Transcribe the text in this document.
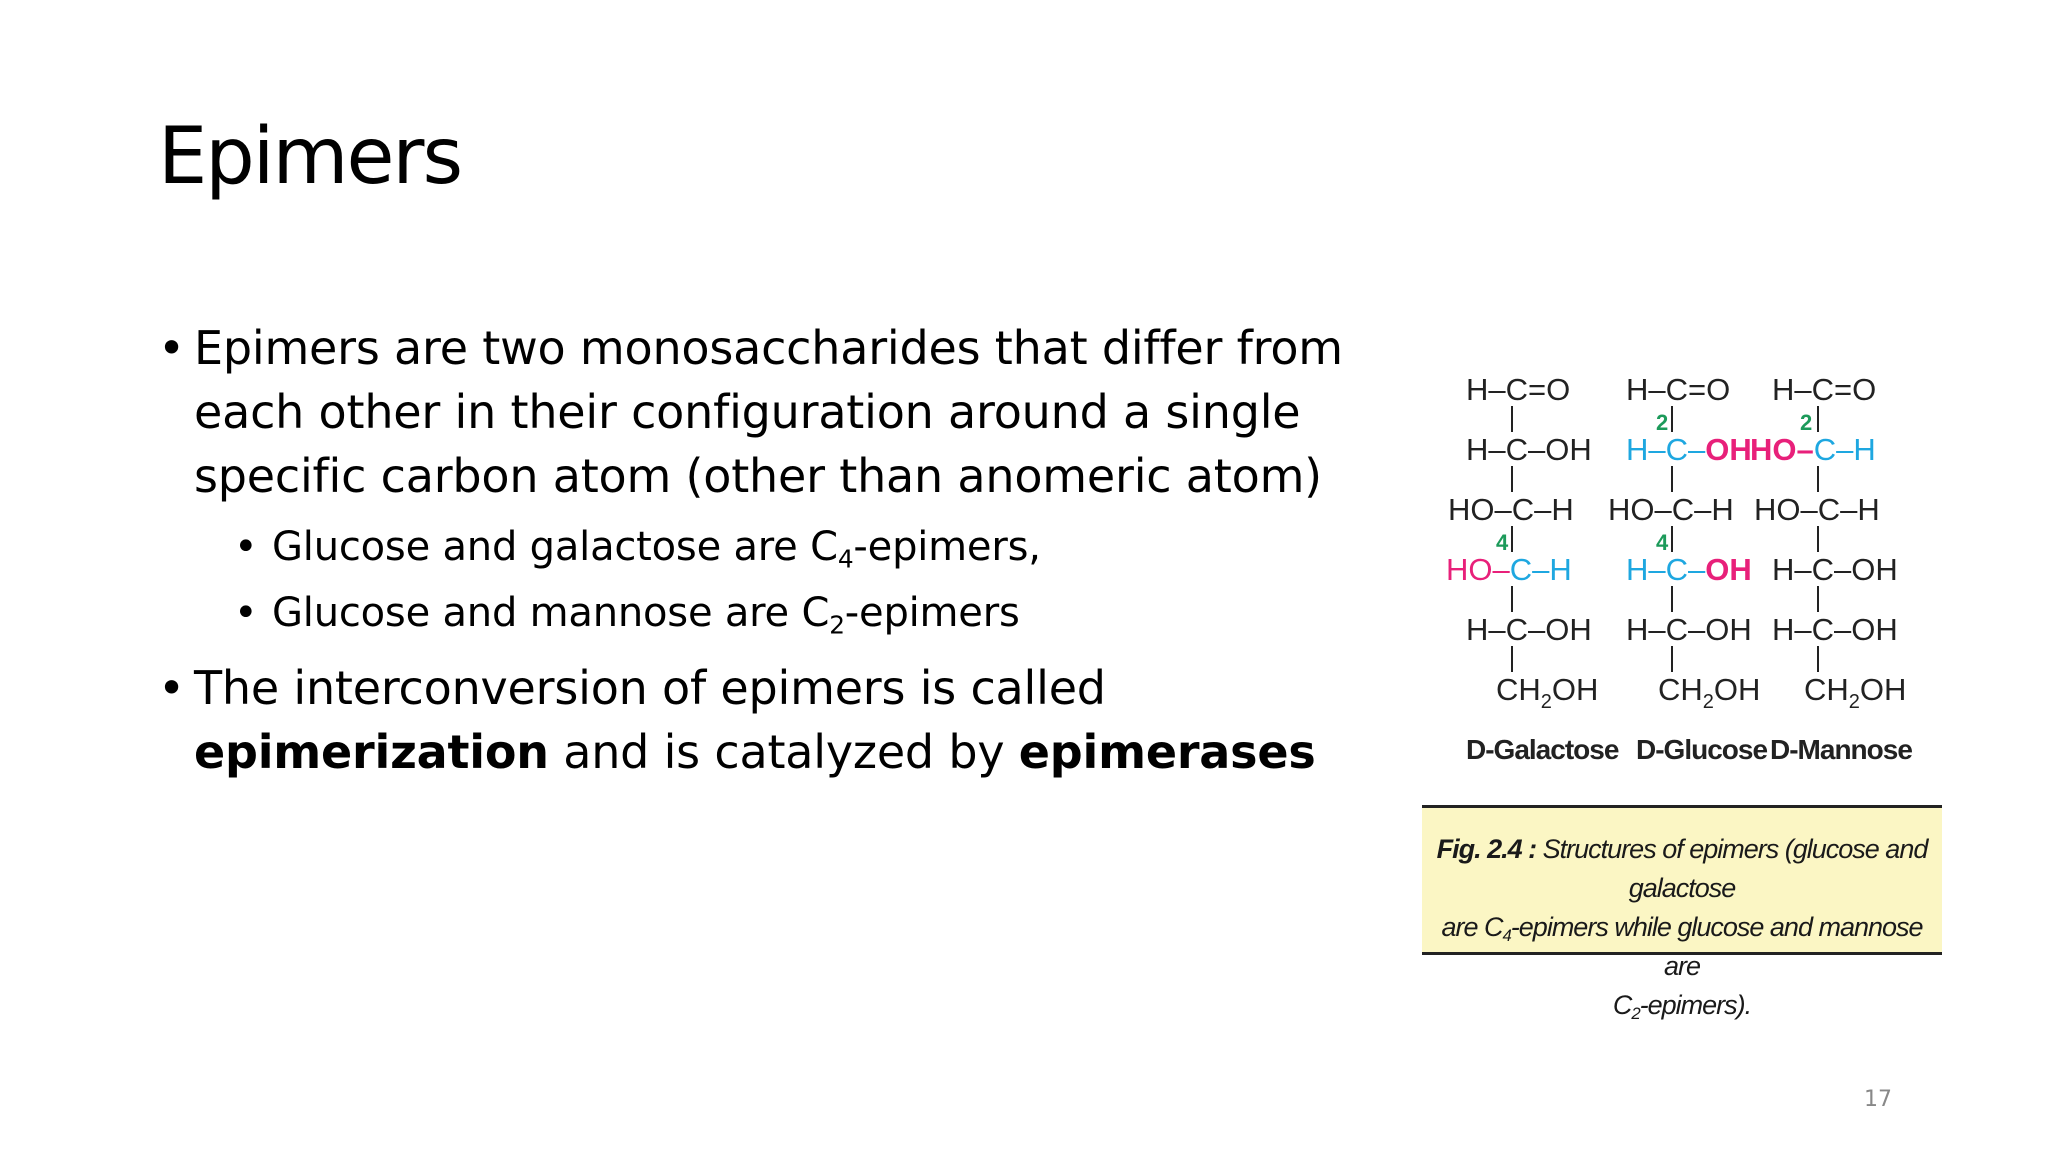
Epimers
• Epimers are two monosaccharides that differ from each other in their configuration around a single specific carbon atom (other than anomeric atom)
• Glucose and galactose are $C_4$-epimers,
• Glucose and mannose are $C_2$-epimers
• The interconversion of epimers is called epimerization and is catalyzed by epimerases
H–C=O
H–C–OH
HO–C–H
HO–C–H
H–C–OH
$CH_2OH$
4
H–C=O
H–C–OH
HO–C–H
H–C–OH
H–C–OH
$CH_2OH$
2
4
H–C=O
HO–C–H
HO–C–H
H–C–OH
H–C–OH
$CH_2OH$
2
D-Galactose D-Glucose D-Mannose
Fig. 2.4 : Structures of epimers (glucose and galactose
are $C_4$-epimers while glucose and mannose are
$C_2-epimers$).
17
